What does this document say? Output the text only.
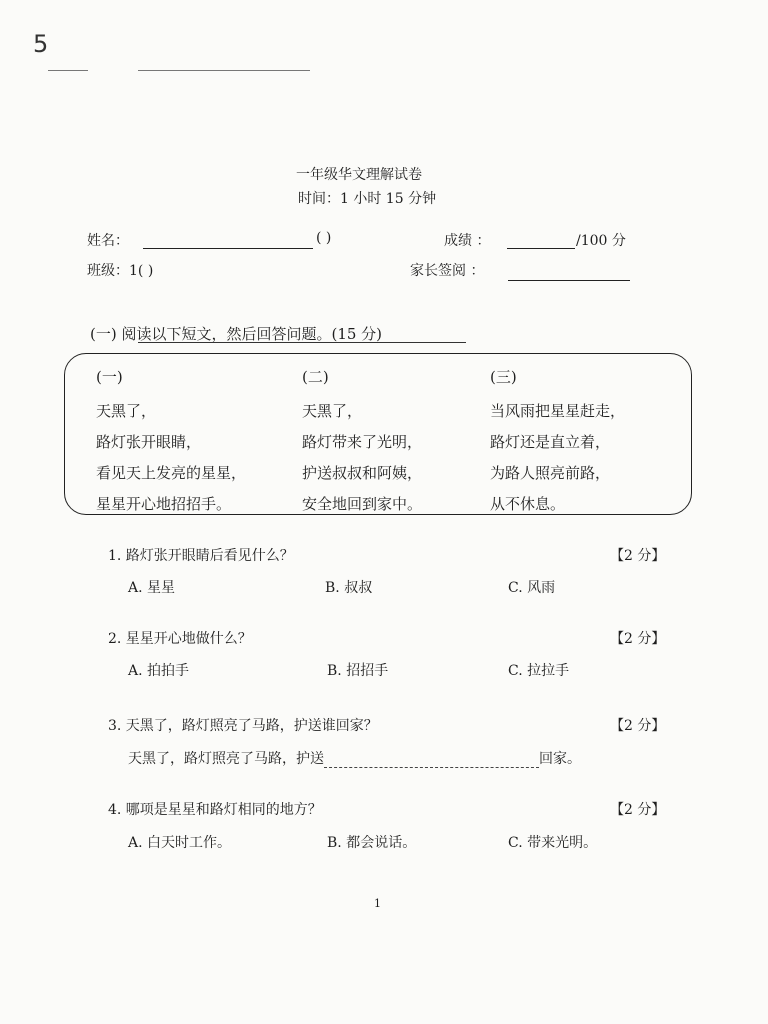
5
一年级华文理解试卷
时间：1 小时 15 分钟
姓名：	( )	成绩 ：	/100 分
班级：1( )	家长签阅 ：
(一) 阅读以下短文，然后回答问题。(15 分)
(一)
天黑了，
路灯张开眼睛，
看见天上发亮的星星，
星星开心地招招手。
(二)
天黑了，
路灯带来了光明，
护送叔叔和阿姨，
安全地回到家中。
(三)
当风雨把星星赶走，
路灯还是直立着，
为路人照亮前路，
从不休息。
1. 路灯张开眼睛后看见什么？	【2 分】
A. 星星	B. 叔叔	C. 风雨
2. 星星开心地做什么？	【2 分】
A. 拍拍手	B. 招招手	C. 拉拉手
3. 天黑了，路灯照亮了马路，护送谁回家？	【2 分】
天黑了，路灯照亮了马路，护送	回家。
4. 哪项是星星和路灯相同的地方？	【2 分】
A. 白天时工作。	B. 都会说话。	C. 带来光明。
1
